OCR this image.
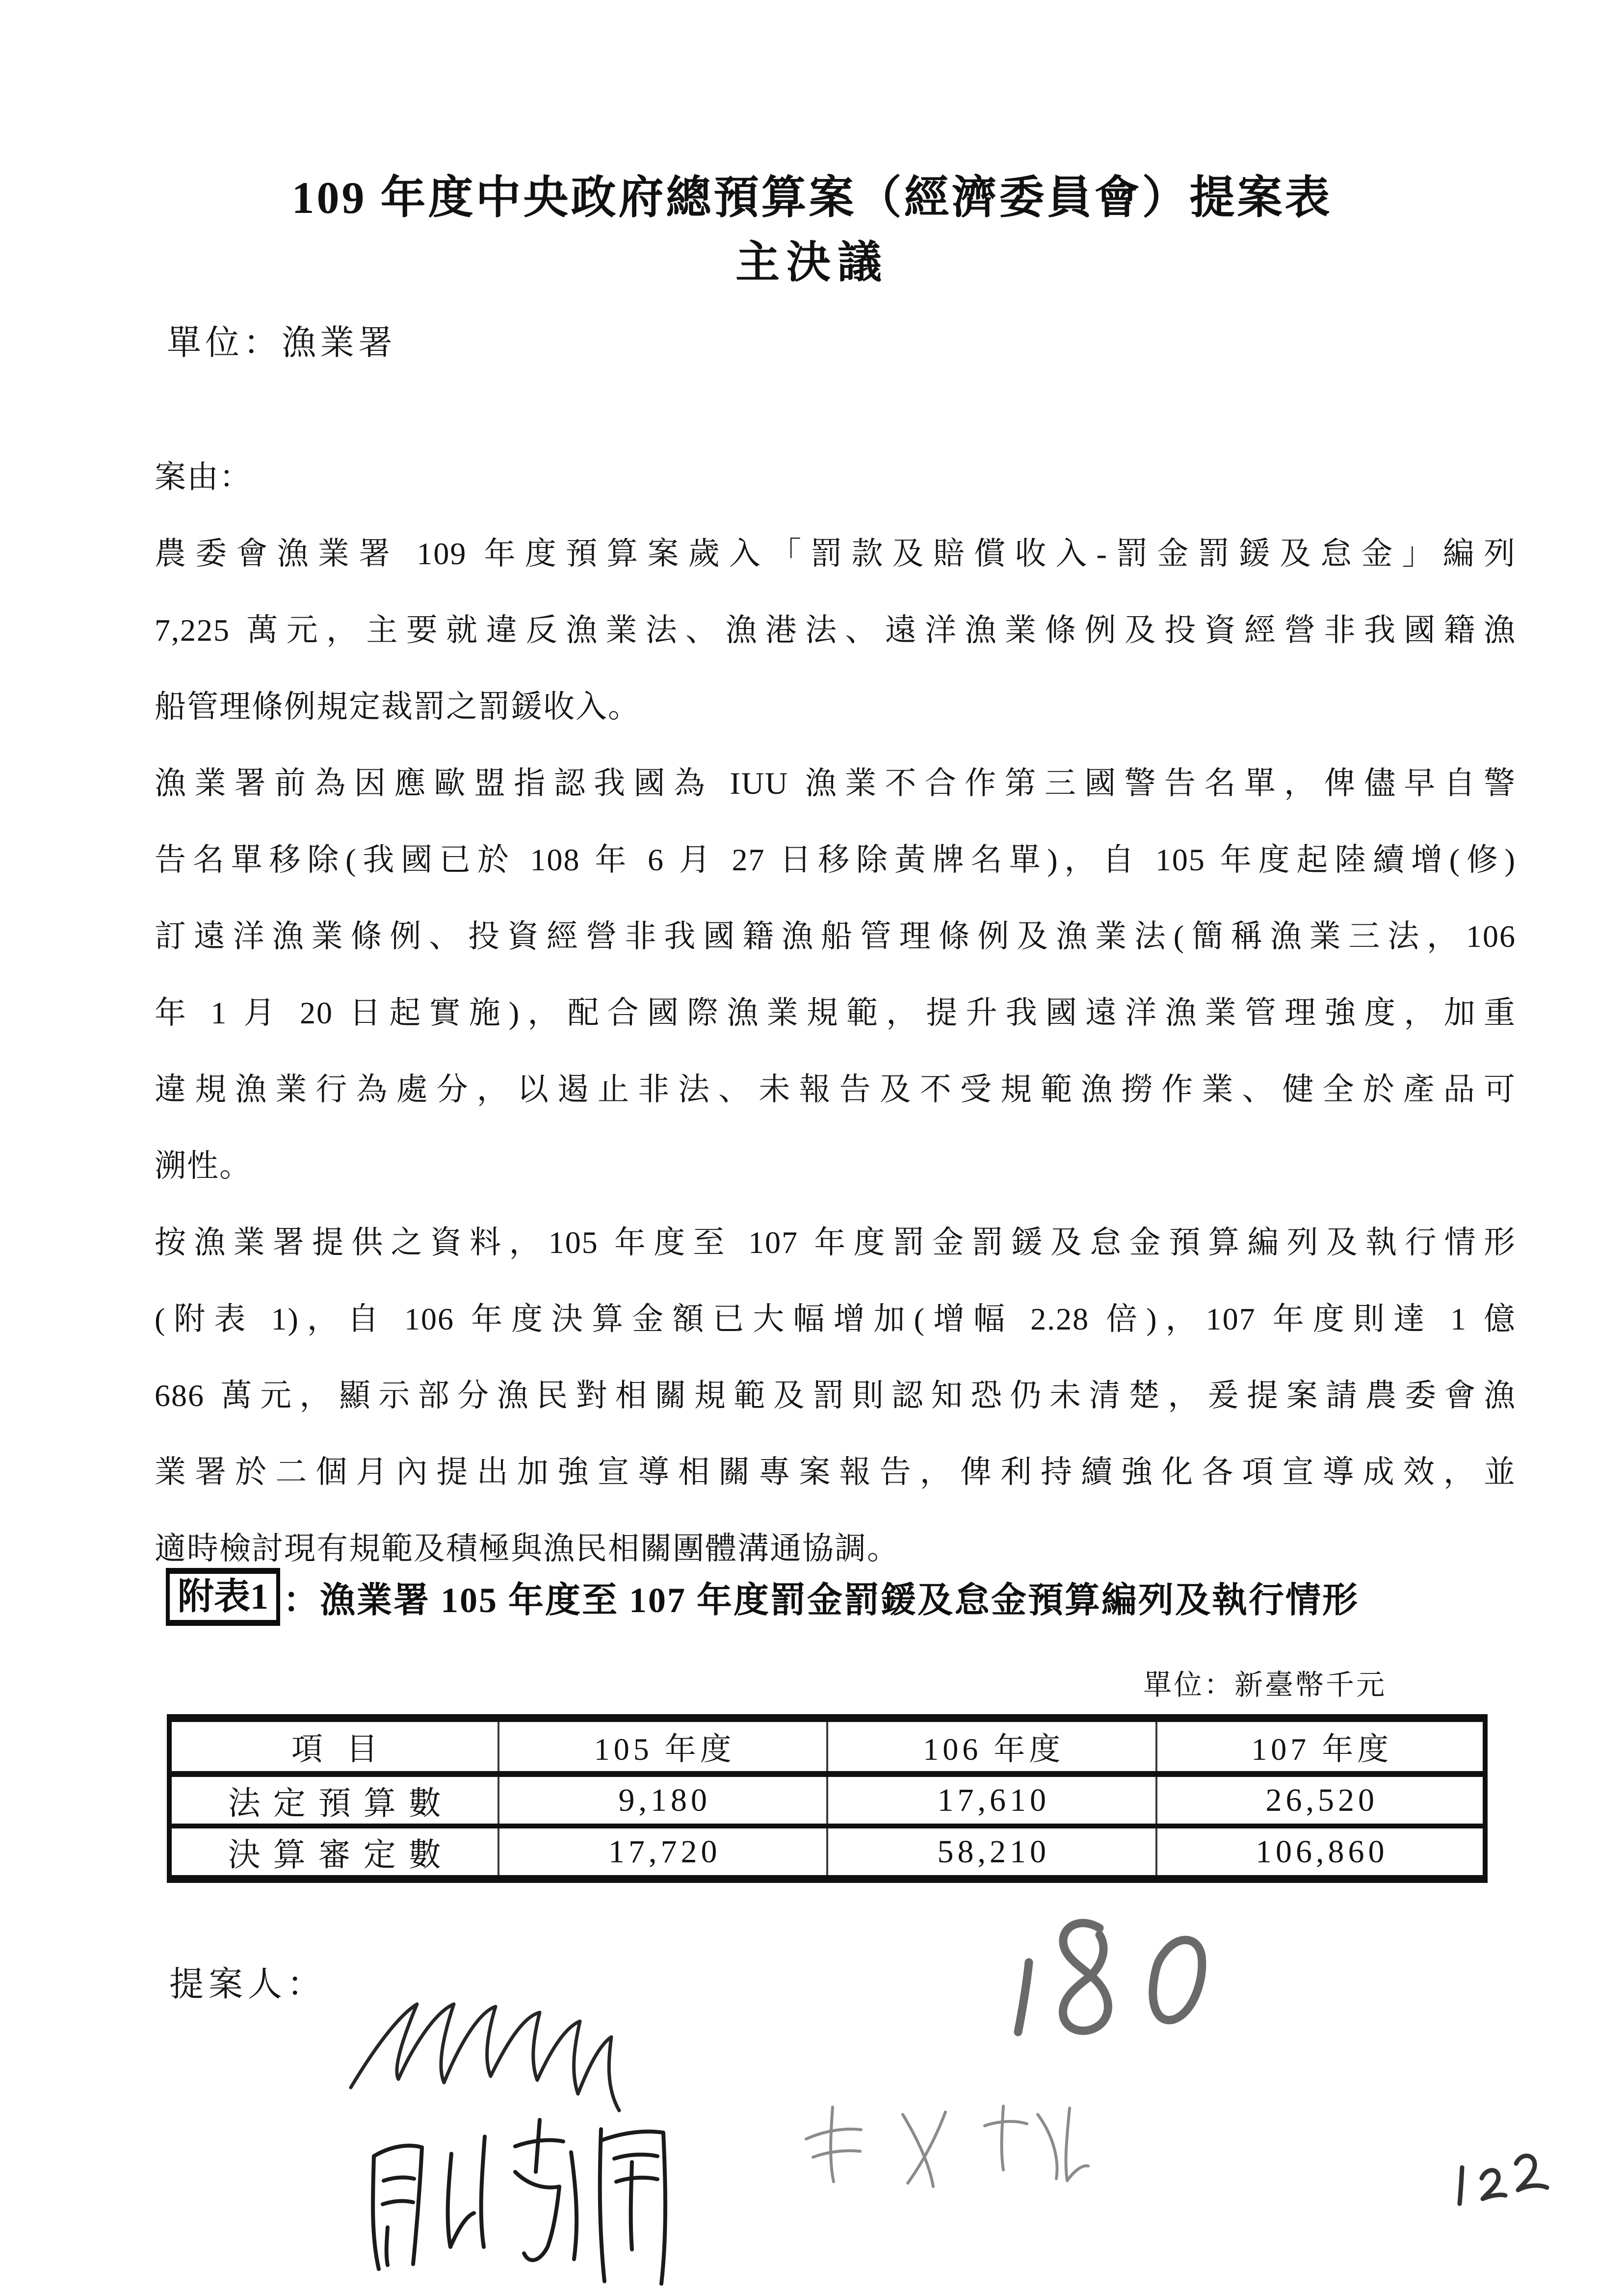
109 年度中央政府總預算案（經濟委員會）提案表
主決議
單位：漁業署
案由：
農委會漁業署 109 年度預算案歲入「罰款及賠償收入-罰金罰鍰及怠金」編列
7,225 萬元，主要就違反漁業法、漁港法、遠洋漁業條例及投資經營非我國籍漁
船管理條例規定裁罰之罰鍰收入。
漁業署前為因應歐盟指認我國為 IUU 漁業不合作第三國警告名單，俾儘早自警
告名單移除(我國已於 108 年 6 月 27 日移除黃牌名單)，自 105 年度起陸續增(修)
訂遠洋漁業條例、投資經營非我國籍漁船管理條例及漁業法(簡稱漁業三法，106
年 1 月 20 日起實施)，配合國際漁業規範，提升我國遠洋漁業管理強度，加重
違規漁業行為處分，以遏止非法、未報告及不受規範漁撈作業、健全於產品可
溯性。
按漁業署提供之資料，105 年度至 107 年度罰金罰鍰及怠金預算編列及執行情形
(附表 1)，自 106 年度決算金額已大幅增加(增幅 2.28 倍)，107 年度則達 1 億
686 萬元，顯示部分漁民對相關規範及罰則認知恐仍未清楚，爰提案請農委會漁
業署於二個月內提出加強宣導相關專案報告，俾利持續強化各項宣導成效，並
適時檢討現有規範及積極與漁民相關團體溝通協調。
附表1 ：漁業署 105 年度至 107 年度罰金罰鍰及怠金預算編列及執行情形
單位：新臺幣千元
項目	105 年度	106 年度	107 年度
法定預算數	9,180	17,610	26,520
決算審定數	17,720	58,210	106,860
提案人：
